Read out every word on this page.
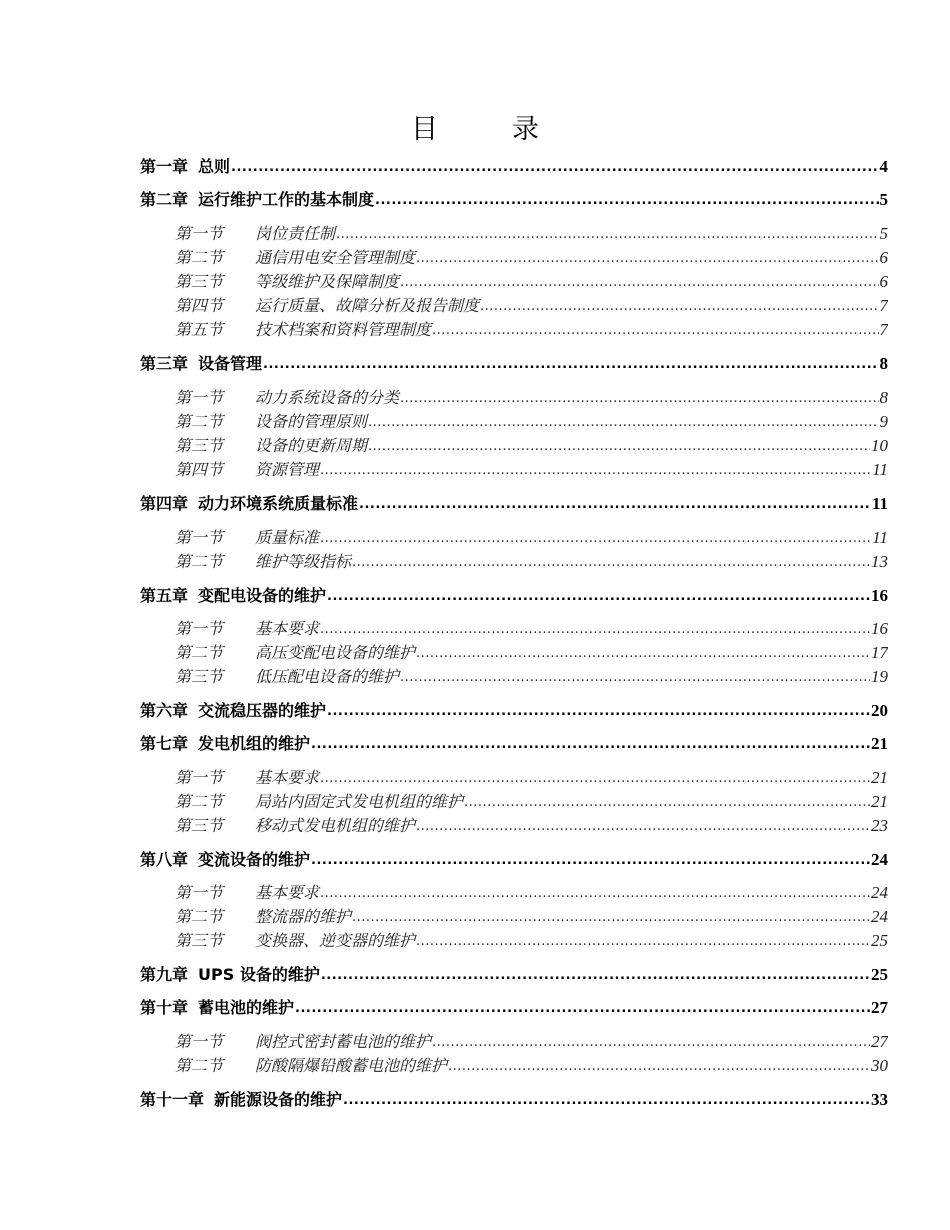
目	录
第一章 总则 .....	4
第二章 运行维护工作的基本制度 .....	5
第一节	岗位责任制 .....	5
第二节	通信用电安全管理制度 .....	6
第三节	等级维护及保障制度 .....	6
第四节	运行质量、故障分析及报告制度 .....	7
第五节	技术档案和资料管理制度 .....	7
第三章 设备管理 .....	8
第一节	动力系统设备的分类 .....	8
第二节	设备的管理原则 .....	9
第三节	设备的更新周期 .....	10
第四节	资源管理 .....	11
第四章 动力环境系统质量标准 .....	11
第一节	质量标准 .....	11
第二节	维护等级指标 .....	13
第五章 变配电设备的维护 .....	16
第一节	基本要求 .....	16
第二节	高压变配电设备的维护 .....	17
第三节	低压配电设备的维护 .....	19
第六章 交流稳压器的维护 .....	20
第七章 发电机组的维护 .....	21
第一节	基本要求 .....	21
第二节	局站内固定式发电机组的维护 .....	21
第三节	移动式发电机组的维护 .....	23
第八章 变流设备的维护 .....	24
第一节	基本要求 .....	24
第二节	整流器的维护 .....	24
第三节	变换器、逆变器的维护 .....	25
第九章 UPS 设备的维护 .....	25
第十章 蓄电池的维护 .....	27
第一节	阀控式密封蓄电池的维护 .....	27
第二节	防酸隔爆铅酸蓄电池的维护 .....	30
第十一章 新能源设备的维护 .....	33
